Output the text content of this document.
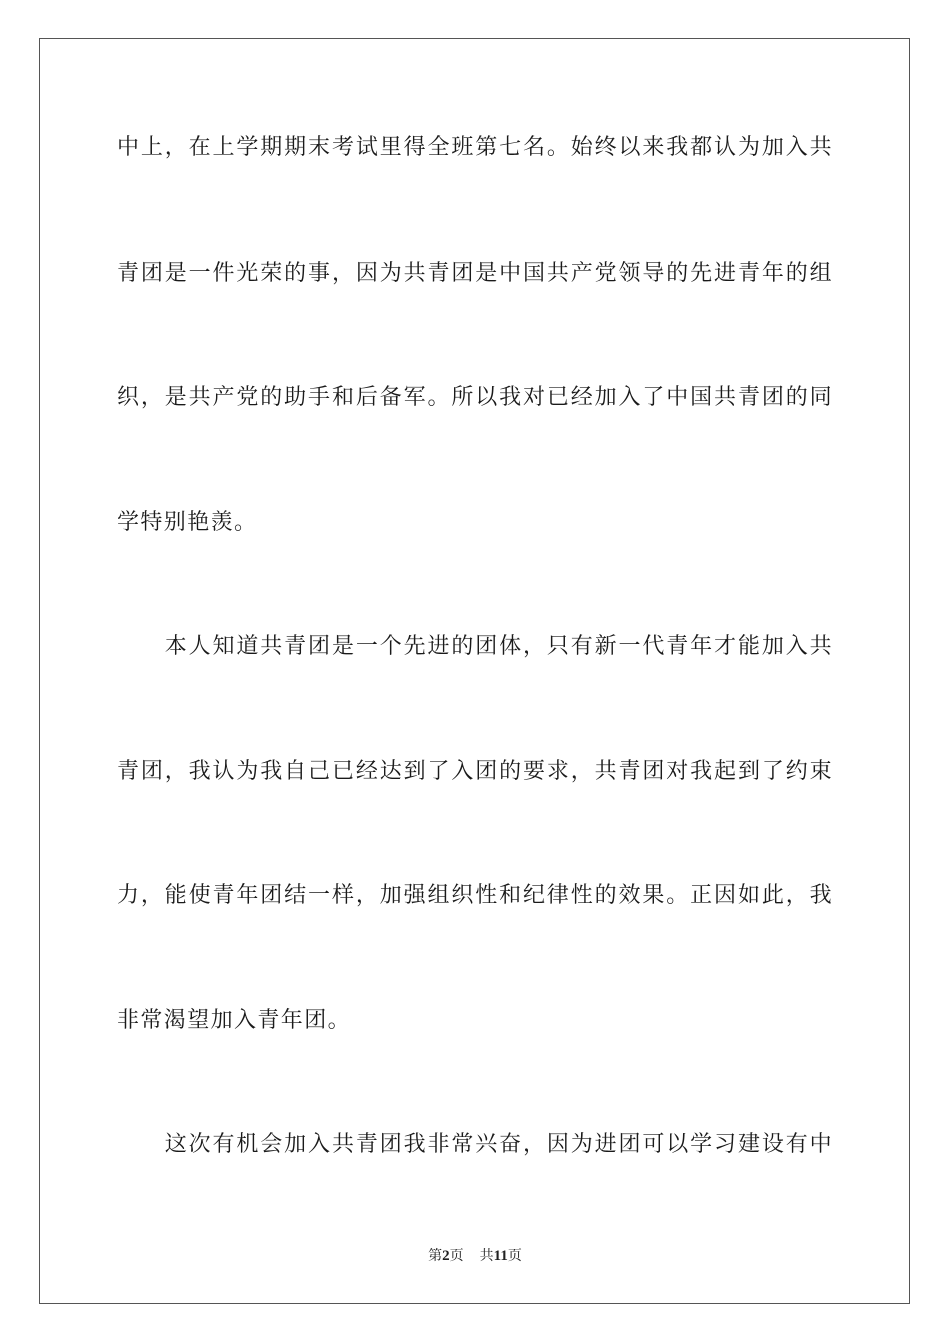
中上，在上学期期末考试里得全班第七名。始终以来我都认为加入共
青团是一件光荣的事，因为共青团是中国共产党领导的先进青年的组
织，是共产党的助手和后备军。所以我对已经加入了中国共青团的同
学特别艳羡。
　　本人知道共青团是一个先进的团体，只有新一代青年才能加入共
青团，我认为我自己已经达到了入团的要求，共青团对我起到了约束
力，能使青年团结一样，加强组织性和纪律性的效果。正因如此，我
非常渴望加入青年团。
　　这次有机会加入共青团我非常兴奋，因为进团可以学习建设有中
第2页 共11页
